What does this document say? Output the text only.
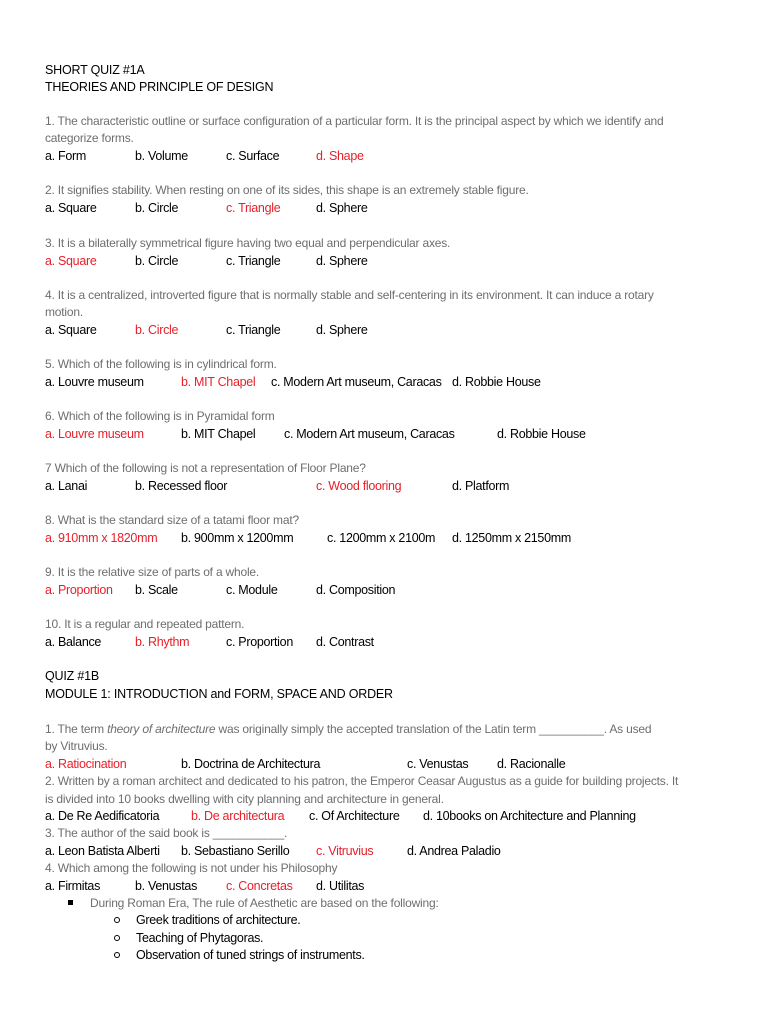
SHORT QUIZ #1A
THEORIES AND PRINCIPLE OF DESIGN
1. The characteristic outline or surface configuration of a particular form. It is the principal aspect by which we identify and
categorize forms.
a. Form	b. Volume	c. Surface	d. Shape
2. It signifies stability. When resting on one of its sides, this shape is an extremely stable figure.
a. Square	b. Circle	c. Triangle	d. Sphere
3. It is a bilaterally symmetrical figure having two equal and perpendicular axes.
a. Square	b. Circle	c. Triangle	d. Sphere
4. It is a centralized, introverted figure that is normally stable and self-centering in its environment. It can induce a rotary
motion.
a. Square	b. Circle	c. Triangle	d. Sphere
5. Which of the following is in cylindrical form.
a. Louvre museum	b. MIT Chapel c. Modern Art museum, Caracas d. Robbie House
6. Which of the following is in Pyramidal form
a. Louvre museum	b. MIT Chapel c. Modern Art museum, Caracas	d. Robbie House
7 Which of the following is not a representation of Floor Plane?
a. Lanai	b. Recessed floor	c. Wood flooring	d. Platform
8. What is the standard size of a tatami floor mat?
a. 910mm x 1820mm b. 900mm x 1200mm	c. 1200mm x 2100m d. 1250mm x 2150mm
9. It is the relative size of parts of a whole.
a. Proportion b. Scale	c. Module	d. Composition
10. It is a regular and repeated pattern.
a. Balance	b. Rhythm	c. Proportion d. Contrast
QUIZ #1B
MODULE 1: INTRODUCTION and FORM, SPACE AND ORDER
1. The term theory of architecture was originally simply the accepted translation of the Latin term __________. As used
by Vitruvius.
a. Ratiocination	b. Doctrina de Architectura	c. Venustas d. Racionalle
2. Written by a roman architect and dedicated to his patron, the Emperor Ceasar Augustus as a guide for building projects. It
is divided into 10 books dwelling with city planning and architecture in general.
a. De Re Aedificatoria	b. De architectura c. Of Architecture d. 10books on Architecture and Planning
3. The author of the said book is ___________.
a. Leon Batista Alberti b. Sebastiano Serillo c. Vitruvius	d. Andrea Paladio
4. Which among the following is not under his Philosophy
a. Firmitas	b. Venustas c. Concretas d. Utilitas
During Roman Era, The rule of Aesthetic are based on the following:
Greek traditions of architecture.
Teaching of Phytagoras.
Observation of tuned strings of instruments.
